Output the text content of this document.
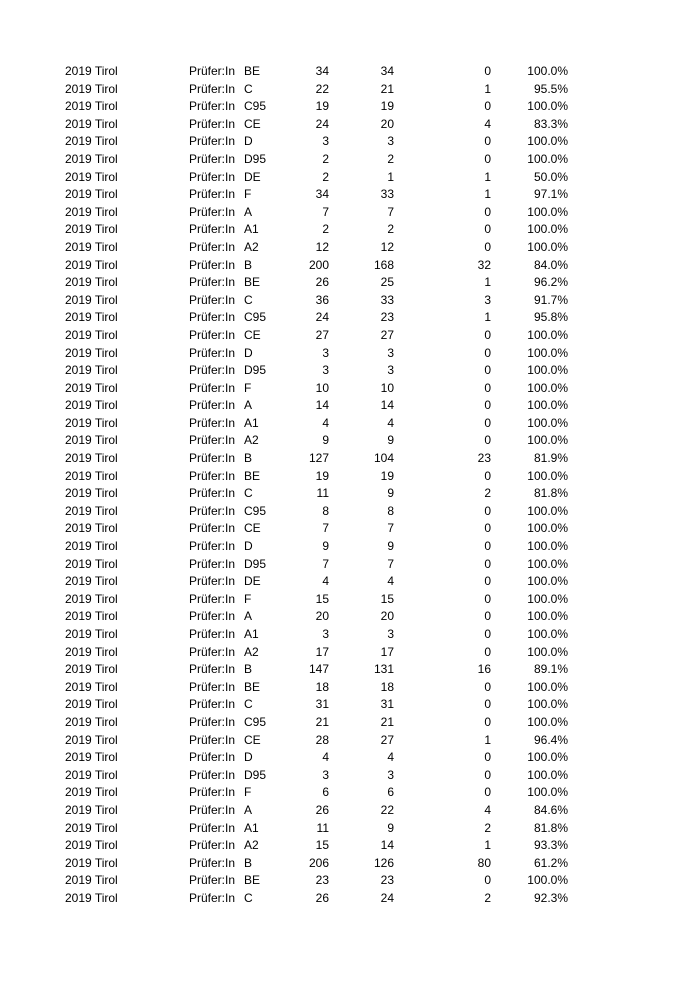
2019 Tirol	Prüfer:In BE	34	34	0	100.0%
2019 Tirol	Prüfer:In C	22	21	1	95.5%
2019 Tirol	Prüfer:In C95	19	19	0	100.0%
2019 Tirol	Prüfer:In CE	24	20	4	83.3%
2019 Tirol	Prüfer:In D	3	3	0	100.0%
2019 Tirol	Prüfer:In D95	2	2	0	100.0%
2019 Tirol	Prüfer:In DE	2	1	1	50.0%
2019 Tirol	Prüfer:In F	34	33	1	97.1%
2019 Tirol	Prüfer:In A	7	7	0	100.0%
2019 Tirol	Prüfer:In A1	2	2	0	100.0%
2019 Tirol	Prüfer:In A2	12	12	0	100.0%
2019 Tirol	Prüfer:In B	200	168	32	84.0%
2019 Tirol	Prüfer:In BE	26	25	1	96.2%
2019 Tirol	Prüfer:In C	36	33	3	91.7%
2019 Tirol	Prüfer:In C95	24	23	1	95.8%
2019 Tirol	Prüfer:In CE	27	27	0	100.0%
2019 Tirol	Prüfer:In D	3	3	0	100.0%
2019 Tirol	Prüfer:In D95	3	3	0	100.0%
2019 Tirol	Prüfer:In F	10	10	0	100.0%
2019 Tirol	Prüfer:In A	14	14	0	100.0%
2019 Tirol	Prüfer:In A1	4	4	0	100.0%
2019 Tirol	Prüfer:In A2	9	9	0	100.0%
2019 Tirol	Prüfer:In B	127	104	23	81.9%
2019 Tirol	Prüfer:In BE	19	19	0	100.0%
2019 Tirol	Prüfer:In C	11	9	2	81.8%
2019 Tirol	Prüfer:In C95	8	8	0	100.0%
2019 Tirol	Prüfer:In CE	7	7	0	100.0%
2019 Tirol	Prüfer:In D	9	9	0	100.0%
2019 Tirol	Prüfer:In D95	7	7	0	100.0%
2019 Tirol	Prüfer:In DE	4	4	0	100.0%
2019 Tirol	Prüfer:In F	15	15	0	100.0%
2019 Tirol	Prüfer:In A	20	20	0	100.0%
2019 Tirol	Prüfer:In A1	3	3	0	100.0%
2019 Tirol	Prüfer:In A2	17	17	0	100.0%
2019 Tirol	Prüfer:In B	147	131	16	89.1%
2019 Tirol	Prüfer:In BE	18	18	0	100.0%
2019 Tirol	Prüfer:In C	31	31	0	100.0%
2019 Tirol	Prüfer:In C95	21	21	0	100.0%
2019 Tirol	Prüfer:In CE	28	27	1	96.4%
2019 Tirol	Prüfer:In D	4	4	0	100.0%
2019 Tirol	Prüfer:In D95	3	3	0	100.0%
2019 Tirol	Prüfer:In F	6	6	0	100.0%
2019 Tirol	Prüfer:In A	26	22	4	84.6%
2019 Tirol	Prüfer:In A1	11	9	2	81.8%
2019 Tirol	Prüfer:In A2	15	14	1	93.3%
2019 Tirol	Prüfer:In B	206	126	80	61.2%
2019 Tirol	Prüfer:In BE	23	23	0	100.0%
2019 Tirol	Prüfer:In C	26	24	2	92.3%
